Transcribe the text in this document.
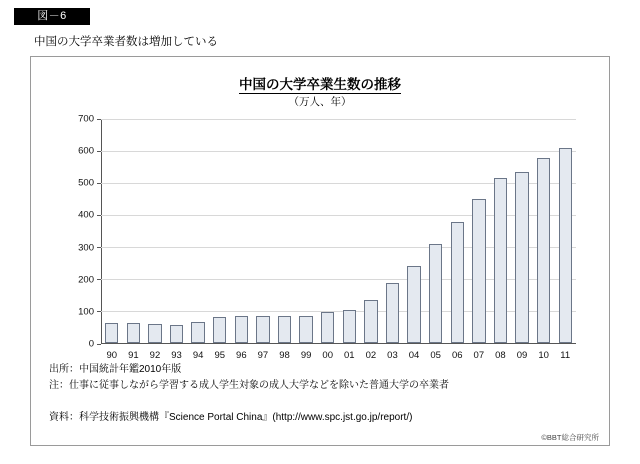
図－6
中国の大学卒業者数は増加している
中国の大学卒業生数の推移
（万人、年）
0
100
200
300
400
500
600
700
90	91	92	93	94	95	96	97	98	99	00	01	02	03	04	05	06	07	08	09	10	11
出所：中国統計年鑑2010年版
注：仕事に従事しながら学習する成人学生対象の成人大学などを除いた普通大学の卒業者
資料：科学技術振興機構『Science Portal China』(http://www.spc.jst.go.jp/report/)
©BBT総合研究所
